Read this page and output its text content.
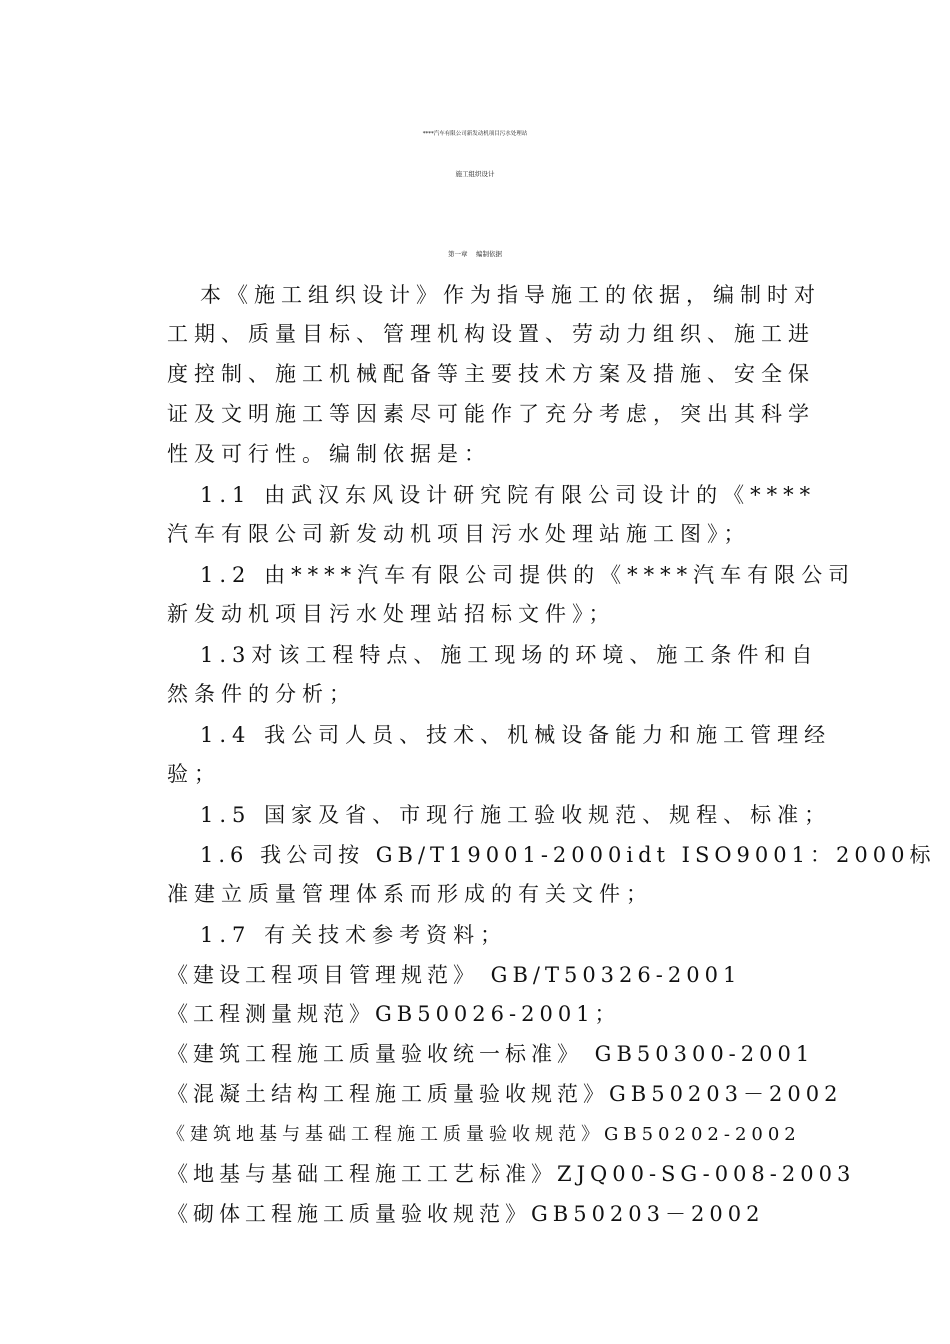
****汽车有限公司新发动机项目污水处理站
施工组织设计
第一章　 编制依据
本《施工组织设计》作为指导施工的依据，编制时对
工期、质量目标、管理机构设置、劳动力组织、施工进
度控制、施工机械配备等主要技术方案及措施、安全保
证及文明施工等因素尽可能作了充分考虑，突出其科学
性及可行性。编制依据是：
1.1 由武汉东风设计研究院有限公司设计的《****
汽车有限公司新发动机项目污水处理站施工图》；
1.2 由****汽车有限公司提供的《****汽车有限公司
新发动机项目污水处理站招标文件》；
1.3对该工程特点、施工现场的环境、施工条件和自
然条件的分析；
1.4 我公司人员、技术、机械设备能力和施工管理经
验；
1.5 国家及省、市现行施工验收规范、规程、标准；
1.6 我公司按 GB/T19001-2000idt ISO9001：2000标
准建立质量管理体系而形成的有关文件；
1.7 有关技术参考资料；
《建设工程项目管理规范》 GB/T50326-2001
《工程测量规范》GB50026-2001；
《建筑工程施工质量验收统一标准》 GB50300-2001
《混凝土结构工程施工质量验收规范》GB50203－2002
《建筑地基与基础工程施工质量验收规范》GB50202-2002
《地基与基础工程施工工艺标准》ZJQ00-SG-008-2003
《砌体工程施工质量验收规范》GB50203－2002
